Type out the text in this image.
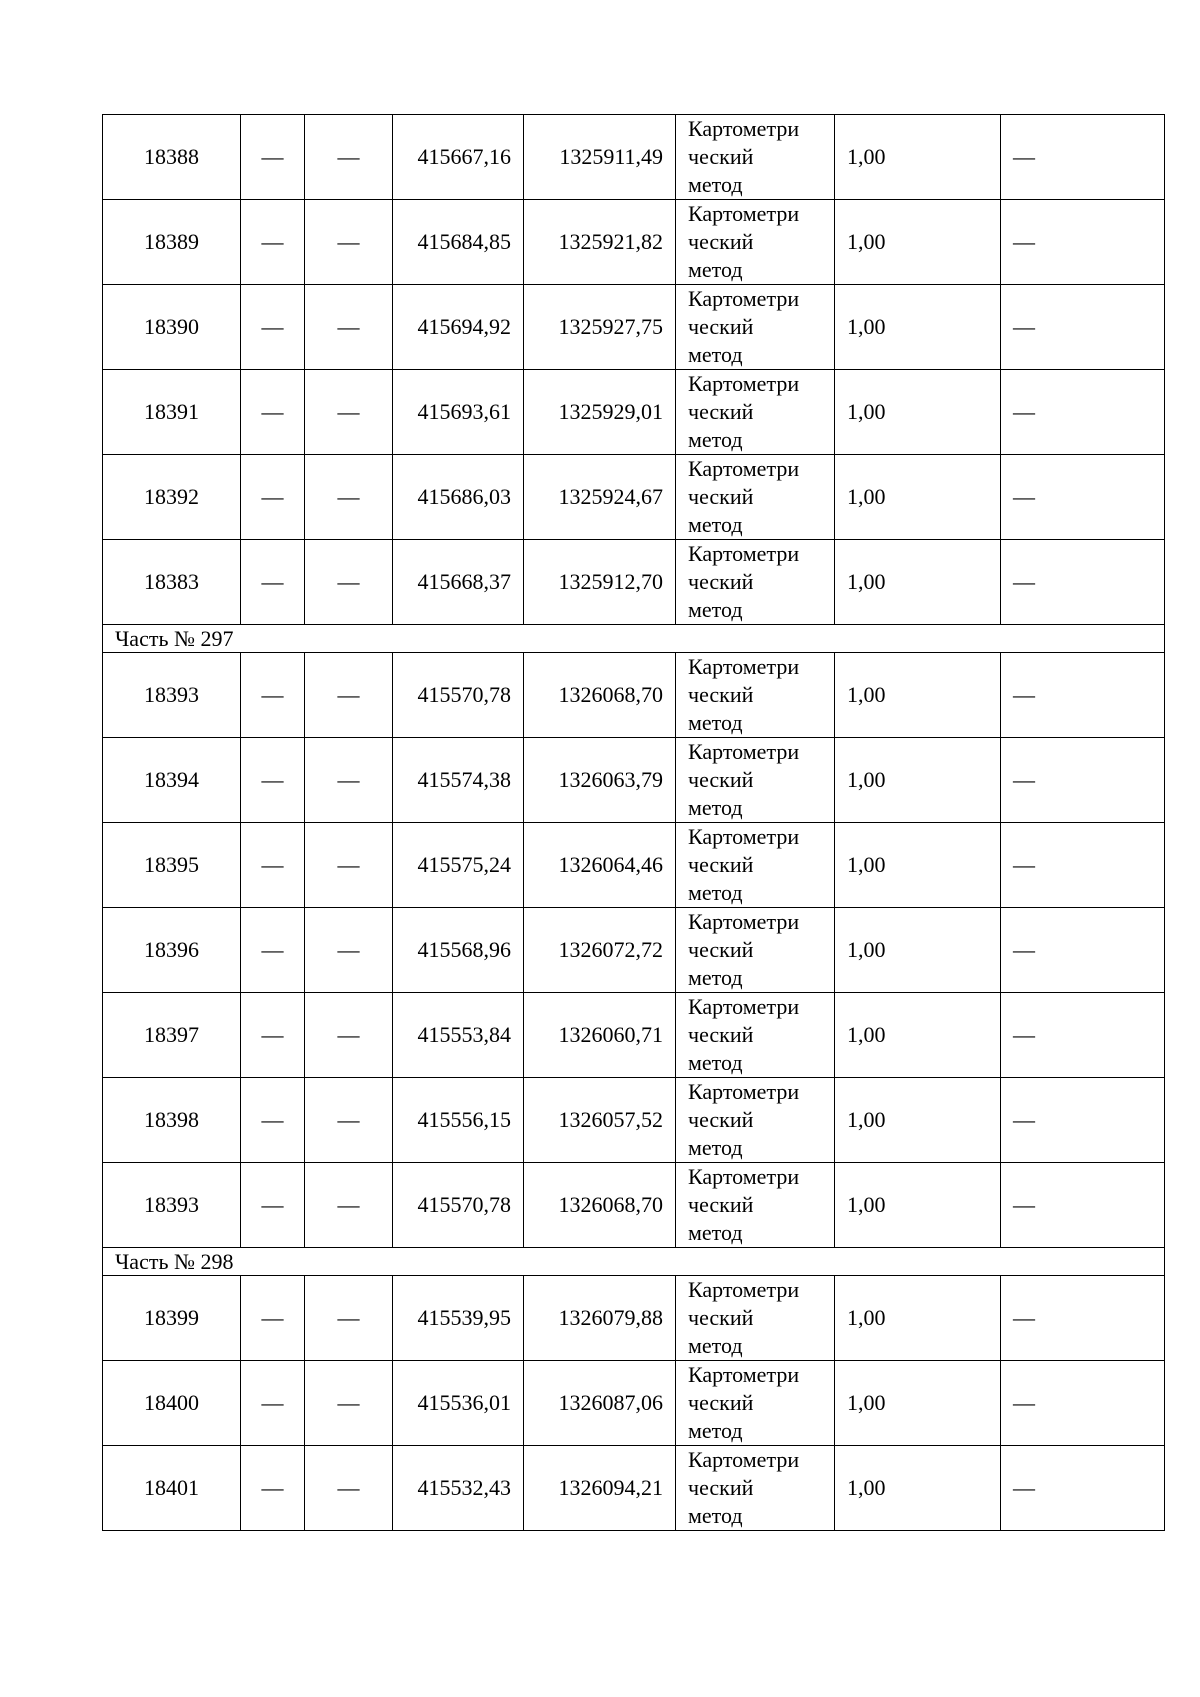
18388	—	—	415667,16	1325911,49	Картометри
ческий
метод	1,00	—
18389	—	—	415684,85	1325921,82	Картометри
ческий
метод	1,00	—
18390	—	—	415694,92	1325927,75	Картометри
ческий
метод	1,00	—
18391	—	—	415693,61	1325929,01	Картометри
ческий
метод	1,00	—
18392	—	—	415686,03	1325924,67	Картометри
ческий
метод	1,00	—
18383	—	—	415668,37	1325912,70	Картометри
ческий
метод	1,00	—
Часть № 297							
18393	—	—	415570,78	1326068,70	Картометри
ческий
метод	1,00	—
18394	—	—	415574,38	1326063,79	Картометри
ческий
метод	1,00	—
18395	—	—	415575,24	1326064,46	Картометри
ческий
метод	1,00	—
18396	—	—	415568,96	1326072,72	Картометри
ческий
метод	1,00	—
18397	—	—	415553,84	1326060,71	Картометри
ческий
метод	1,00	—
18398	—	—	415556,15	1326057,52	Картометри
ческий
метод	1,00	—
18393	—	—	415570,78	1326068,70	Картометри
ческий
метод	1,00	—
Часть № 298							
18399	—	—	415539,95	1326079,88	Картометри
ческий
метод	1,00	—
18400	—	—	415536,01	1326087,06	Картометри
ческий
метод	1,00	—
18401	—	—	415532,43	1326094,21	Картометри
ческий
метод	1,00	—
